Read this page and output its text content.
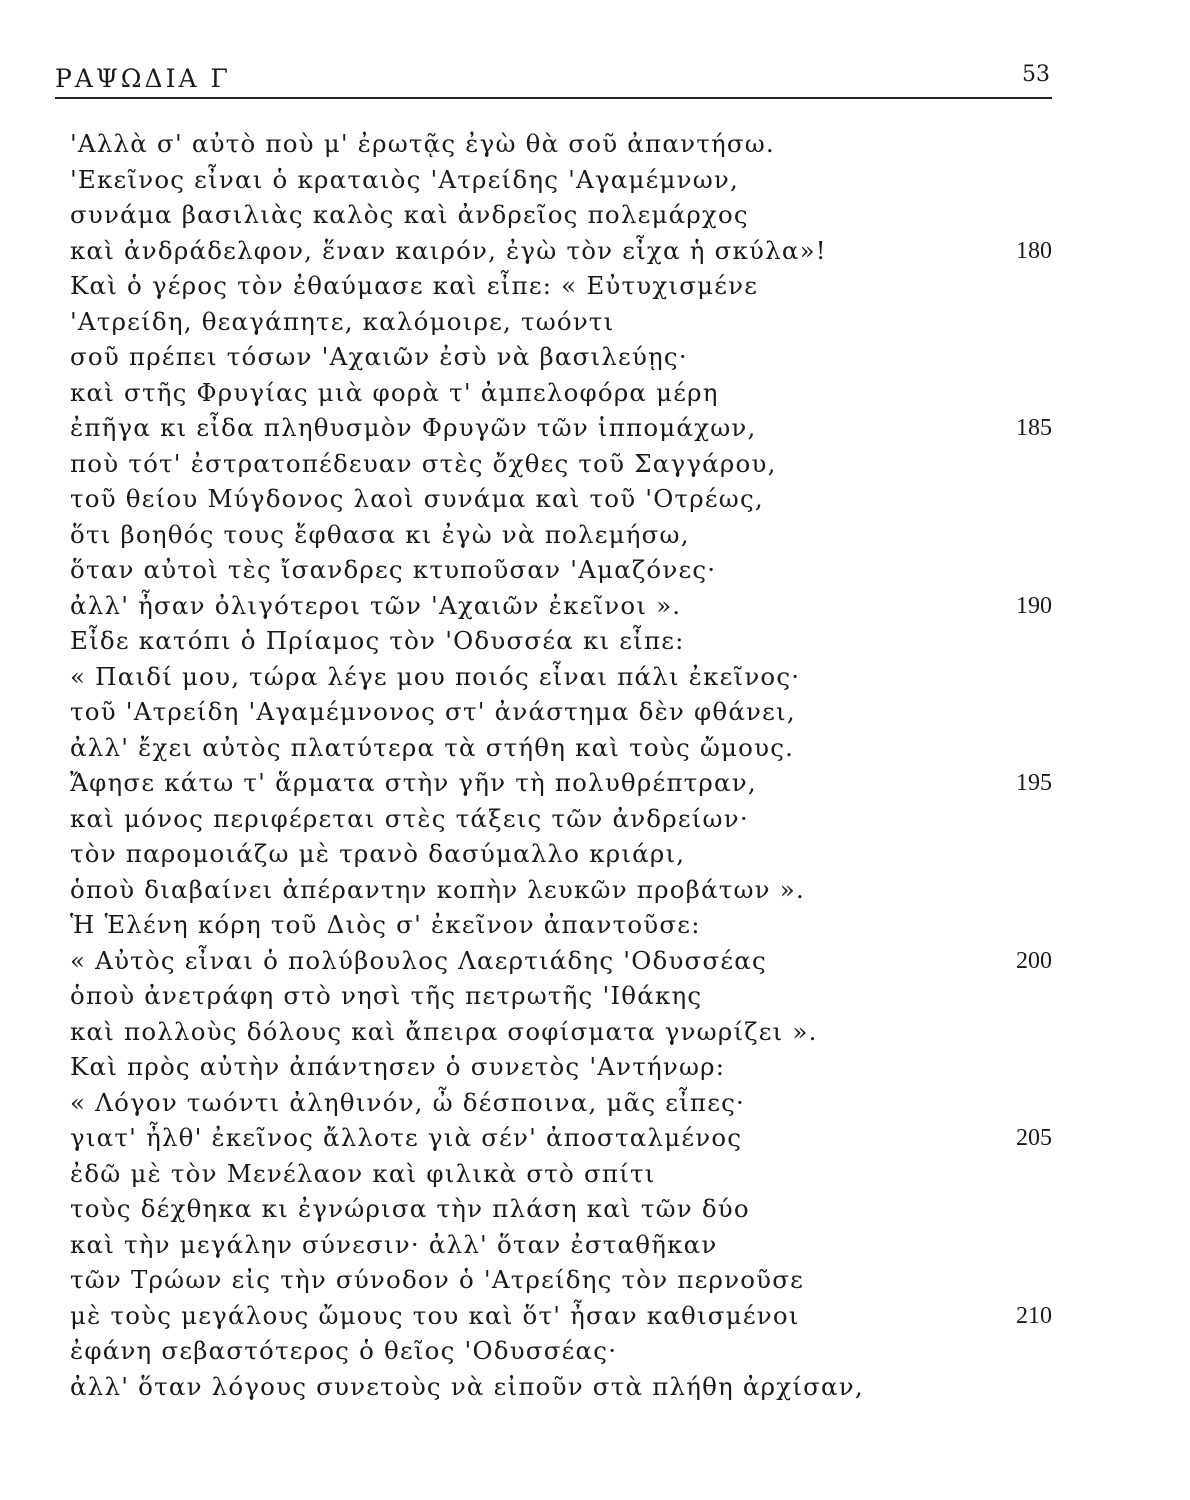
ΡΑΨΩΔΙΑ Γ	53
'Αλλὰ σ' αὐτὸ ποὺ μ' ἐρωτᾷς ἐγὼ θὰ σοῦ ἀπαντήσω.
'Εκεῖνος εἶναι ὁ κραταιὸς 'Ατρείδης 'Αγαμέμνων,
συνάμα βασιλιὰς καλὸς καὶ ἀνδρεῖος πολεμάρχος
καὶ ἀνδράδελφον, ἕναν καιρόν, ἐγὼ τὸν εἶχα ἡ σκύλα»!
Καὶ ὁ γέρος τὸν ἐθαύμασε καὶ εἶπε: « Εὐτυχισμένε
'Ατρείδη, θεαγάπητε, καλόμοιρε, τωόντι
σοῦ πρέπει τόσων 'Αχαιῶν ἐσὺ νὰ βασιλεύῃς·
καὶ στῆς Φρυγίας μιὰ φορὰ τ' ἀμπελοφόρα μέρη
ἐπῆγα κι εἶδα πληθυσμὸν Φρυγῶν τῶν ἱππομάχων,
ποὺ τότ' ἐστρατοπέδευαν στὲς ὄχθες τοῦ Σαγγάρου,
τοῦ θείου Μύγδονος λαοὶ συνάμα καὶ τοῦ 'Οτρέως,
ὅτι βοηθός τους ἔφθασα κι ἐγὼ νὰ πολεμήσω,
ὅταν αὐτοὶ τὲς ἴσανδρες κτυποῦσαν 'Αμαζόνες·
ἀλλ' ἦσαν ὀλιγότεροι τῶν 'Αχαιῶν ἐκεῖνοι ».
Εἶδε κατόπι ὁ Πρίαμος τὸν 'Οδυσσέα κι εἶπε:
« Παιδί μου, τώρα λέγε μου ποιός εἶναι πάλι ἐκεῖνος·
τοῦ 'Ατρείδη 'Αγαμέμνονος στ' ἀνάστημα δὲν φθάνει,
ἀλλ' ἔχει αὐτὸς πλατύτερα τὰ στήθη καὶ τοὺς ὤμους.
Ἄφησε κάτω τ' ἅρματα στὴν γῆν τὴ πολυθρέπτραν,
καὶ μόνος περιφέρεται στὲς τάξεις τῶν ἀνδρείων·
τὸν παρομοιάζω μὲ τρανὸ δασύμαλλο κριάρι,
ὁποὺ διαβαίνει ἀπέραντην κοπὴν λευκῶν προβάτων ».
Ἡ Ἑλένη κόρη τοῦ Διὸς σ' ἐκεῖνον ἀπαντοῦσε:
« Αὐτὸς εἶναι ὁ πολύβουλος Λαερτιάδης 'Οδυσσέας
ὁποὺ ἀνετράφη στὸ νησὶ τῆς πετρωτῆς 'Ιθάκης
καὶ πολλοὺς δόλους καὶ ἄπειρα σοφίσματα γνωρίζει ».
Καὶ πρὸς αὐτὴν ἀπάντησεν ὁ συνετὸς 'Αντήνωρ:
« Λόγον τωόντι ἀληθινόν, ὦ δέσποινα, μᾶς εἶπες·
γιατ' ἦλθ' ἐκεῖνος ἄλλοτε γιὰ σέν' ἀποσταλμένος
ἐδῶ μὲ τὸν Μενέλαον καὶ φιλικὰ στὸ σπίτι
τοὺς δέχθηκα κι ἐγνώρισα τὴν πλάση καὶ τῶν δύο
καὶ τὴν μεγάλην σύνεσιν· ἀλλ' ὅταν ἐσταθῆκαν
τῶν Τρώων εἰς τὴν σύνοδον ὁ 'Ατρείδης τὸν περνοῦσε
μὲ τοὺς μεγάλους ὤμους του καὶ ὅτ' ἦσαν καθισμένοι
ἐφάνη σεβαστότερος ὁ θεῖος 'Οδυσσέας·
ἀλλ' ὅταν λόγους συνετοὺς νὰ εἰποῦν στὰ πλήθη ἀρχίσαν,
180
185
190
195
200
205
210
